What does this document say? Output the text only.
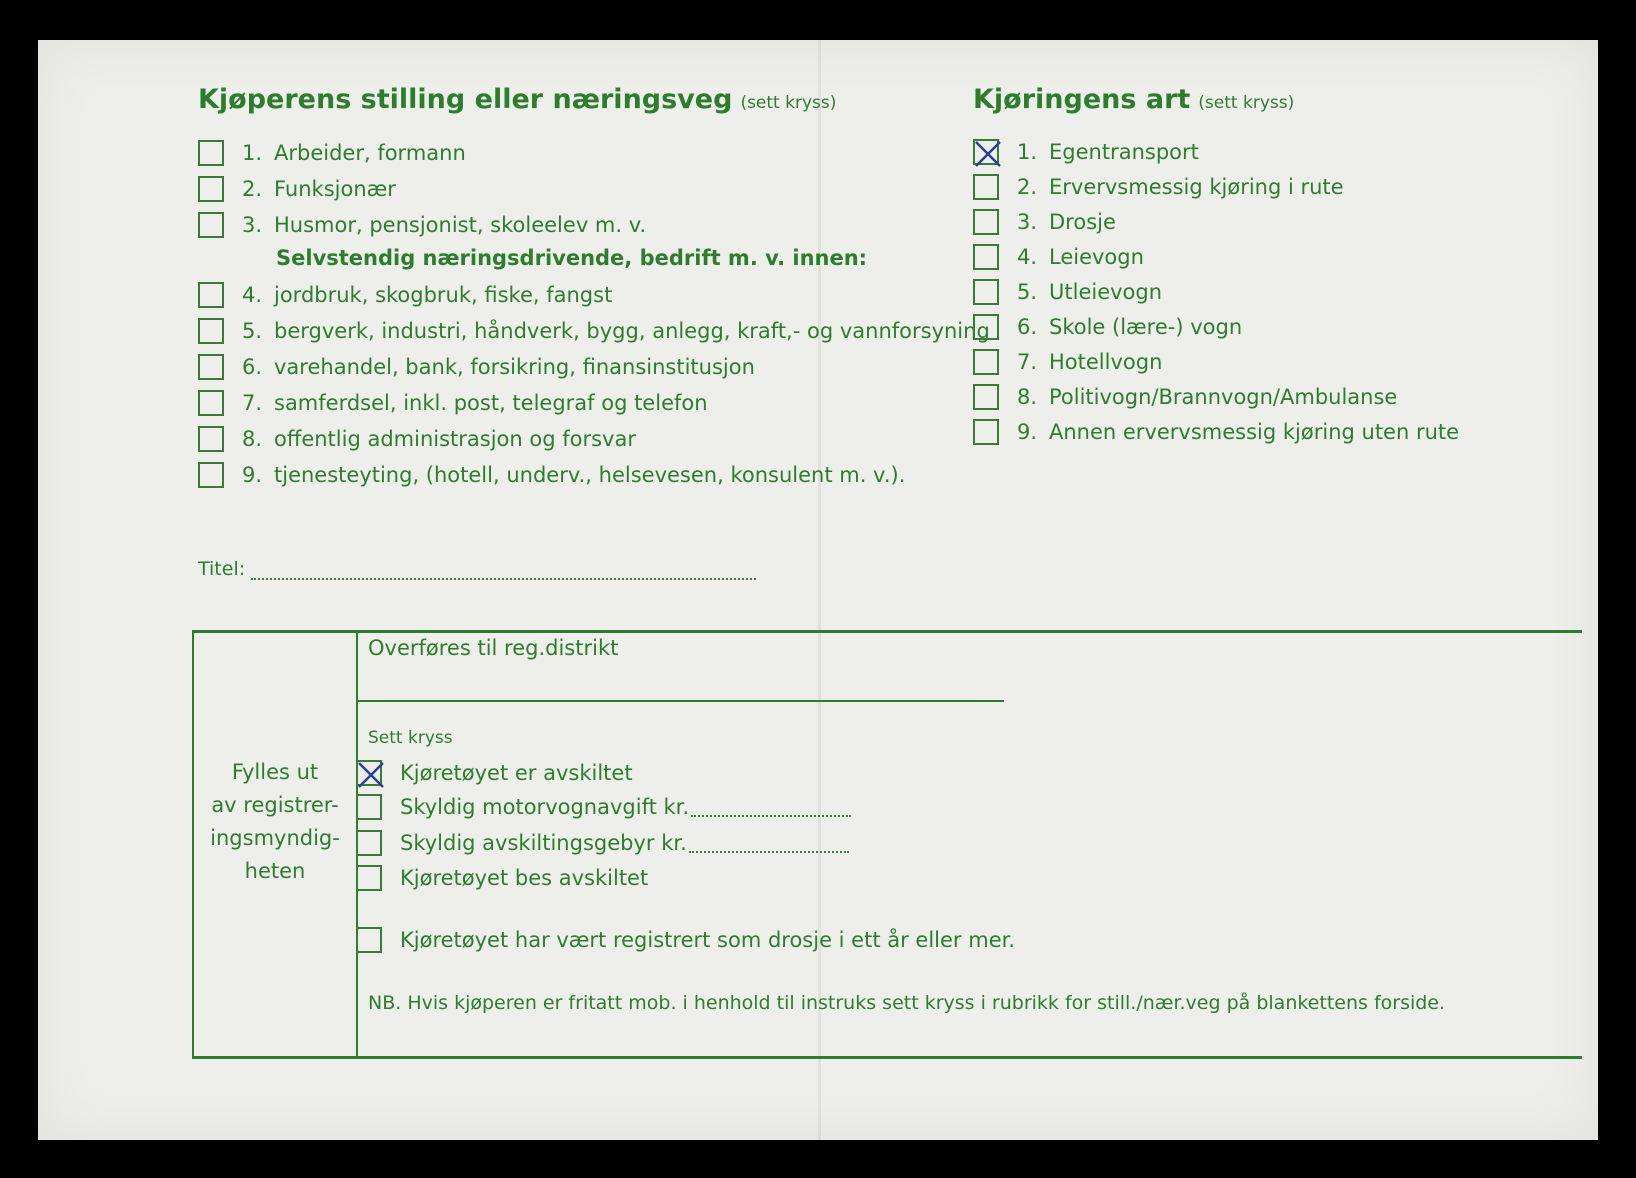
Kjøperens stilling eller næringsveg (sett kryss)
1. Arbeider, formann
2. Funksjonær
3. Husmor, pensjonist, skoleelev m. v.
Selvstendig næringsdrivende, bedrift m. v. innen:
4. jordbruk, skogbruk, fiske, fangst
5. bergverk, industri, håndverk, bygg, anlegg, kraft,- og vannforsyning
6. varehandel, bank, forsikring, finansinstitusjon
7. samferdsel, inkl. post, telegraf og telefon
8. offentlig administrasjon og forsvar
9. tjenesteyting, (hotell, underv., helsevesen, konsulent m. v.).
Titel:
Kjøringens art (sett kryss)
1. Egentransport
2. Ervervsmessig kjøring i rute
3. Drosje
4. Leievogn
5. Utleievogn
6. Skole (lære-) vogn
7. Hotellvogn
8. Politivogn/Brannvogn/Ambulanse
9. Annen ervervsmessig kjøring uten rute
Fylles ut
av registrer-
ingsmyndig-
heten
Overføres til reg.distrikt
Sett kryss
Kjøretøyet er avskiltet
Skyldig motorvognavgift kr.
Skyldig avskiltingsgebyr kr.
Kjøretøyet bes avskiltet
Kjøretøyet har vært registrert som drosje i ett år eller mer.
NB. Hvis kjøperen er fritatt mob. i henhold til instruks sett kryss i rubrikk for still./nær.veg på blankettens forside.
